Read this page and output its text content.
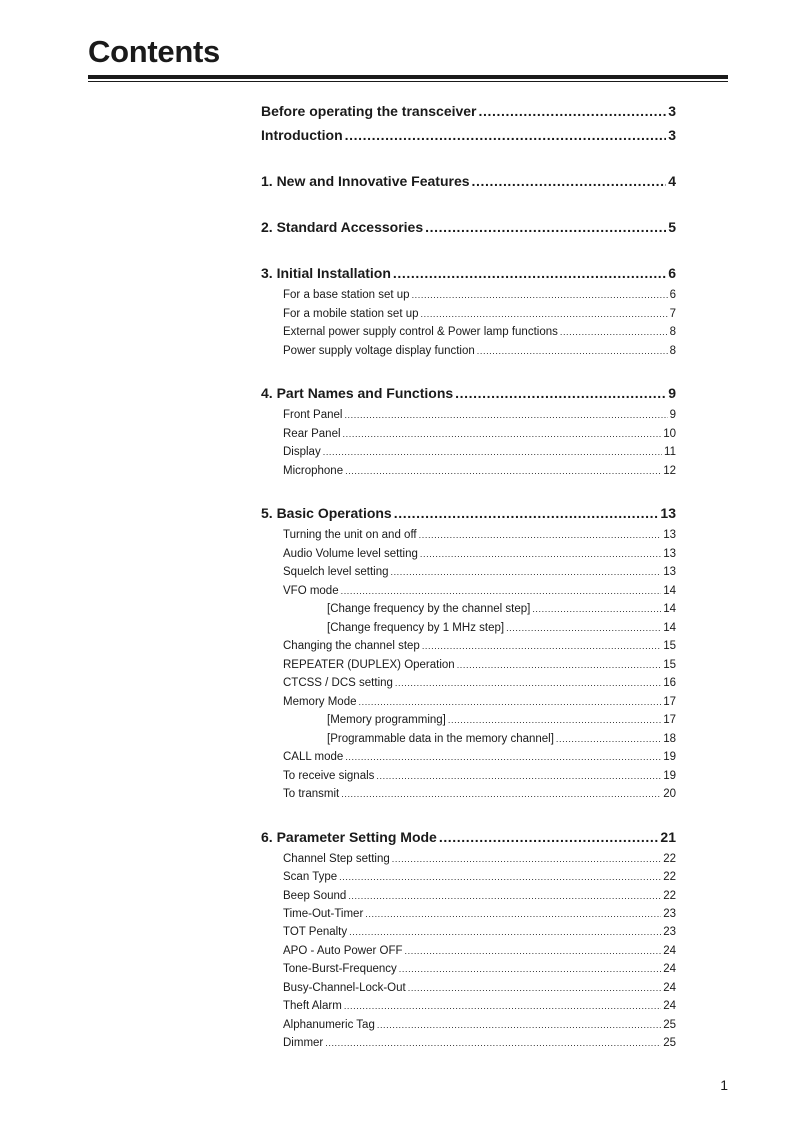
Contents
Before operating the transceiver .....	3
Introduction .....	3
1. New and Innovative Features .....	4
2. Standard Accessories .....	5
3. Initial Installation .....	6
For a base station set up .....	6
For a mobile station set up .....	7
External power supply control & Power lamp functions .....	8
Power supply voltage display function .....	8
4. Part Names and Functions .....	9
Front Panel .....	9
Rear Panel .....	10
Display .....	11
Microphone .....	12
5. Basic Operations .....	13
Turning the unit on and off .....	13
Audio Volume level setting .....	13
Squelch level setting .....	13
VFO mode .....	14
[Change frequency by the channel step] .....	14
[Change frequency by 1 MHz step] .....	14
Changing the channel step .....	15
REPEATER (DUPLEX) Operation .....	15
CTCSS / DCS setting .....	16
Memory Mode .....	17
[Memory programming] .....	17
[Programmable data in the memory channel] .....	18
CALL mode .....	19
To receive signals .....	19
To transmit .....	20
6. Parameter Setting Mode .....	21
Channel Step setting .....	22
Scan Type .....	22
Beep Sound .....	22
Time-Out-Timer .....	23
TOT Penalty .....	23
APO - Auto Power OFF .....	24
Tone-Burst-Frequency .....	24
Busy-Channel-Lock-Out .....	24
Theft Alarm .....	24
Alphanumeric Tag .....	25
Dimmer .....	25
1
